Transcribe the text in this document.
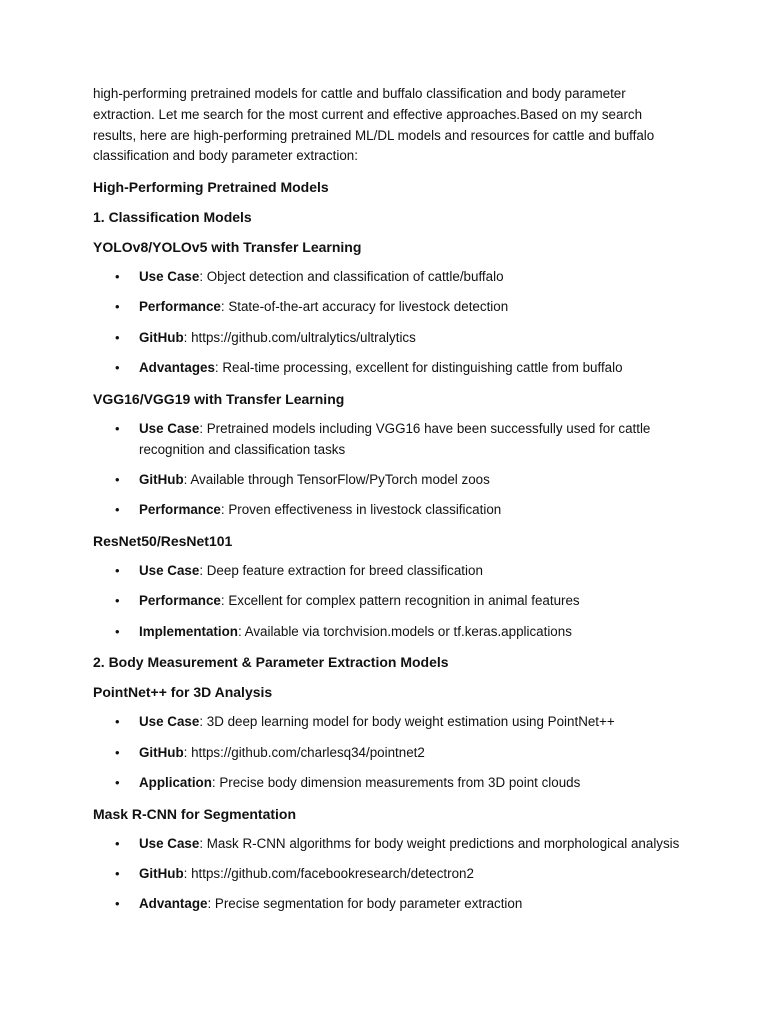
high-performing pretrained models for cattle and buffalo classification and body parameter extraction. Let me search for the most current and effective approaches.Based on my search results, here are high-performing pretrained ML/DL models and resources for cattle and buffalo classification and body parameter extraction:

High-Performing Pretrained Models
1. Classification Models
YOLOv8/YOLOv5 with Transfer Learning
• Use Case: Object detection and classification of cattle/buffalo
• Performance: State-of-the-art accuracy for livestock detection
• GitHub: https://github.com/ultralytics/ultralytics
• Advantages: Real-time processing, excellent for distinguishing cattle from buffalo
VGG16/VGG19 with Transfer Learning
• Use Case: Pretrained models including VGG16 have been successfully used for cattle recognition and classification tasks
• GitHub: Available through TensorFlow/PyTorch model zoos
• Performance: Proven effectiveness in livestock classification
ResNet50/ResNet101
• Use Case: Deep feature extraction for breed classification
• Performance: Excellent for complex pattern recognition in animal features
• Implementation: Available via torchvision.models or tf.keras.applications
2. Body Measurement & Parameter Extraction Models
PointNet++ for 3D Analysis
• Use Case: 3D deep learning model for body weight estimation using PointNet++
• GitHub: https://github.com/charlesq34/pointnet2
• Application: Precise body dimension measurements from 3D point clouds
Mask R-CNN for Segmentation
• Use Case: Mask R-CNN algorithms for body weight predictions and morphological analysis
• GitHub: https://github.com/facebookresearch/detectron2
• Advantage: Precise segmentation for body parameter extraction
